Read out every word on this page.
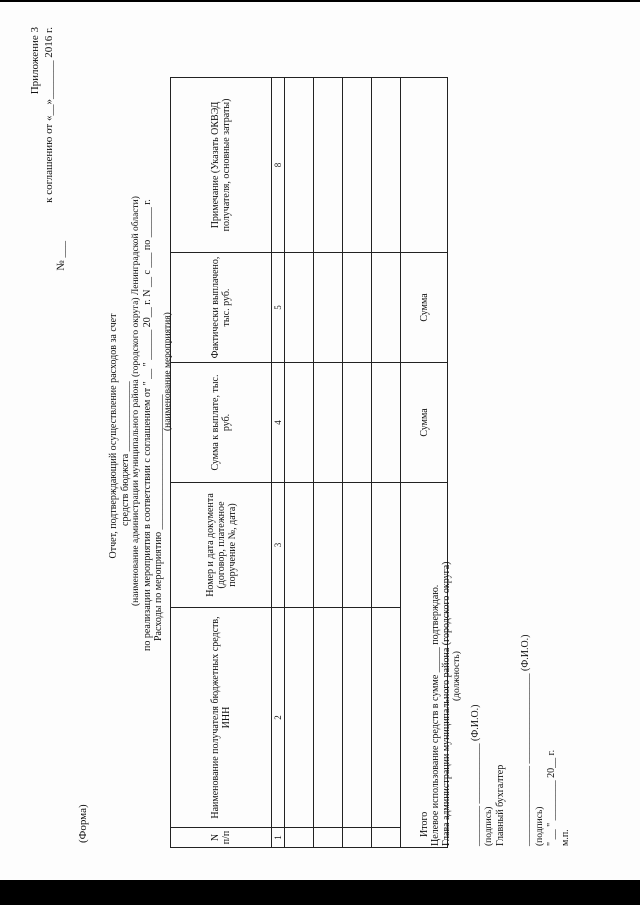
(Форма)
Приложение 3 к соглашению от «__»_______ 2016 г.
№ ___
Отчет, подтверждающий осуществление расходов за счет средств бюджета ______________ (наименование администрации муниципального района (городского округа) Ленинградской области) по реализации мероприятия в соответствии с соглашением от " __ " ______ 20__ г. N __ с ___ по ______ г. Расходы по мероприятию ___________________________
(наименование мероприятия)
N п/п	Наименование получателя бюджетных средств, ИНН	Номер и дата документа (договор, платежное поручение №, дата)	Сумма к выплате, тыс. руб.	Фактически выплачено, тыс. руб.	Примечание (Указать ОКВЭД получателя, основные затраты)
1	2	3	4	5	8

Итого			Сумма	Сумма	
Целевое использование средств в сумме _____ подтверждаю. Глава администрации муниципального района (городского округа) (должность)
________ ____________ (Ф.И.О.) (подпись) Главный бухгалтер ________________ __________________ (Ф.И.О.) (подпись) " __ " ________ 20__ г. м.п.
